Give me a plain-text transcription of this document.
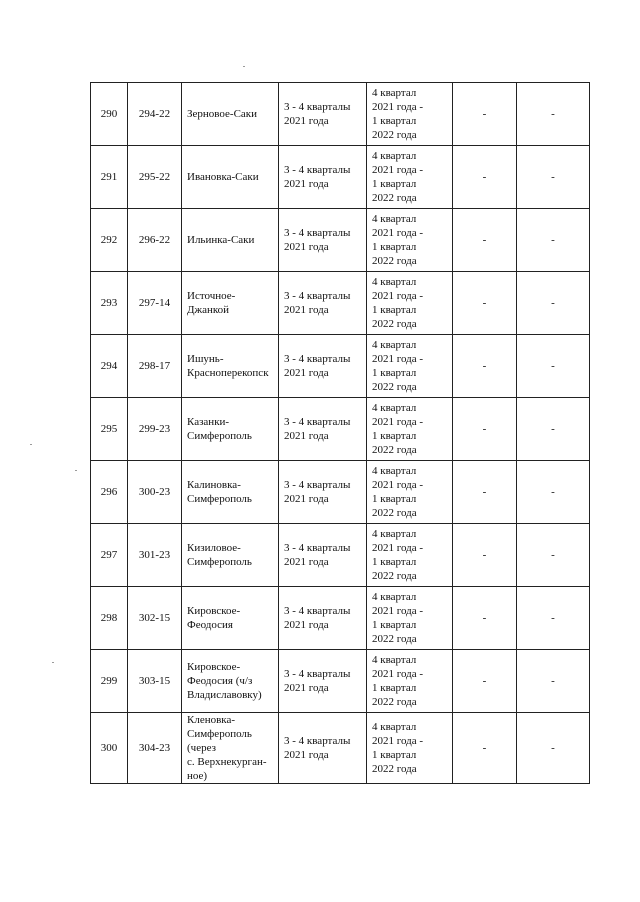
290	294-22	Зерновое-Саки	3 - 4 кварталы
2021 года	4 квартал
2021 года -
1 квартал
2022 года	-	-
291	295-22	Ивановка-Саки	3 - 4 кварталы
2021 года	4 квартал
2021 года -
1 квартал
2022 года	-	-
292	296-22	Ильинка-Саки	3 - 4 кварталы
2021 года	4 квартал
2021 года -
1 квартал
2022 года	-	-
293	297-14	Источное-
Джанкой	3 - 4 кварталы
2021 года	4 квартал
2021 года -
1 квартал
2022 года	-	-
294	298-17	Ишунь-
Красноперекопск	3 - 4 кварталы
2021 года	4 квартал
2021 года -
1 квартал
2022 года	-	-
295	299-23	Казанки-
Симферополь	3 - 4 кварталы
2021 года	4 квартал
2021 года -
1 квартал
2022 года	-	-
296	300-23	Калиновка-
Симферополь	3 - 4 кварталы
2021 года	4 квартал
2021 года -
1 квартал
2022 года	-	-
297	301-23	Кизиловое-
Симферополь	3 - 4 кварталы
2021 года	4 квартал
2021 года -
1 квартал
2022 года	-	-
298	302-15	Кировское-
Феодосия	3 - 4 кварталы
2021 года	4 квартал
2021 года -
1 квартал
2022 года	-	-
299	303-15	Кировское-
Феодосия (ч/з
Владиславовку)	3 - 4 кварталы
2021 года	4 квартал
2021 года -
1 квартал
2022 года	-	-
300	304-23	Кленовка-
Симферополь
(через
с. Верхнекурган-
ное)	3 - 4 кварталы
2021 года	4 квартал
2021 года -
1 квартал
2022 года	-	-
